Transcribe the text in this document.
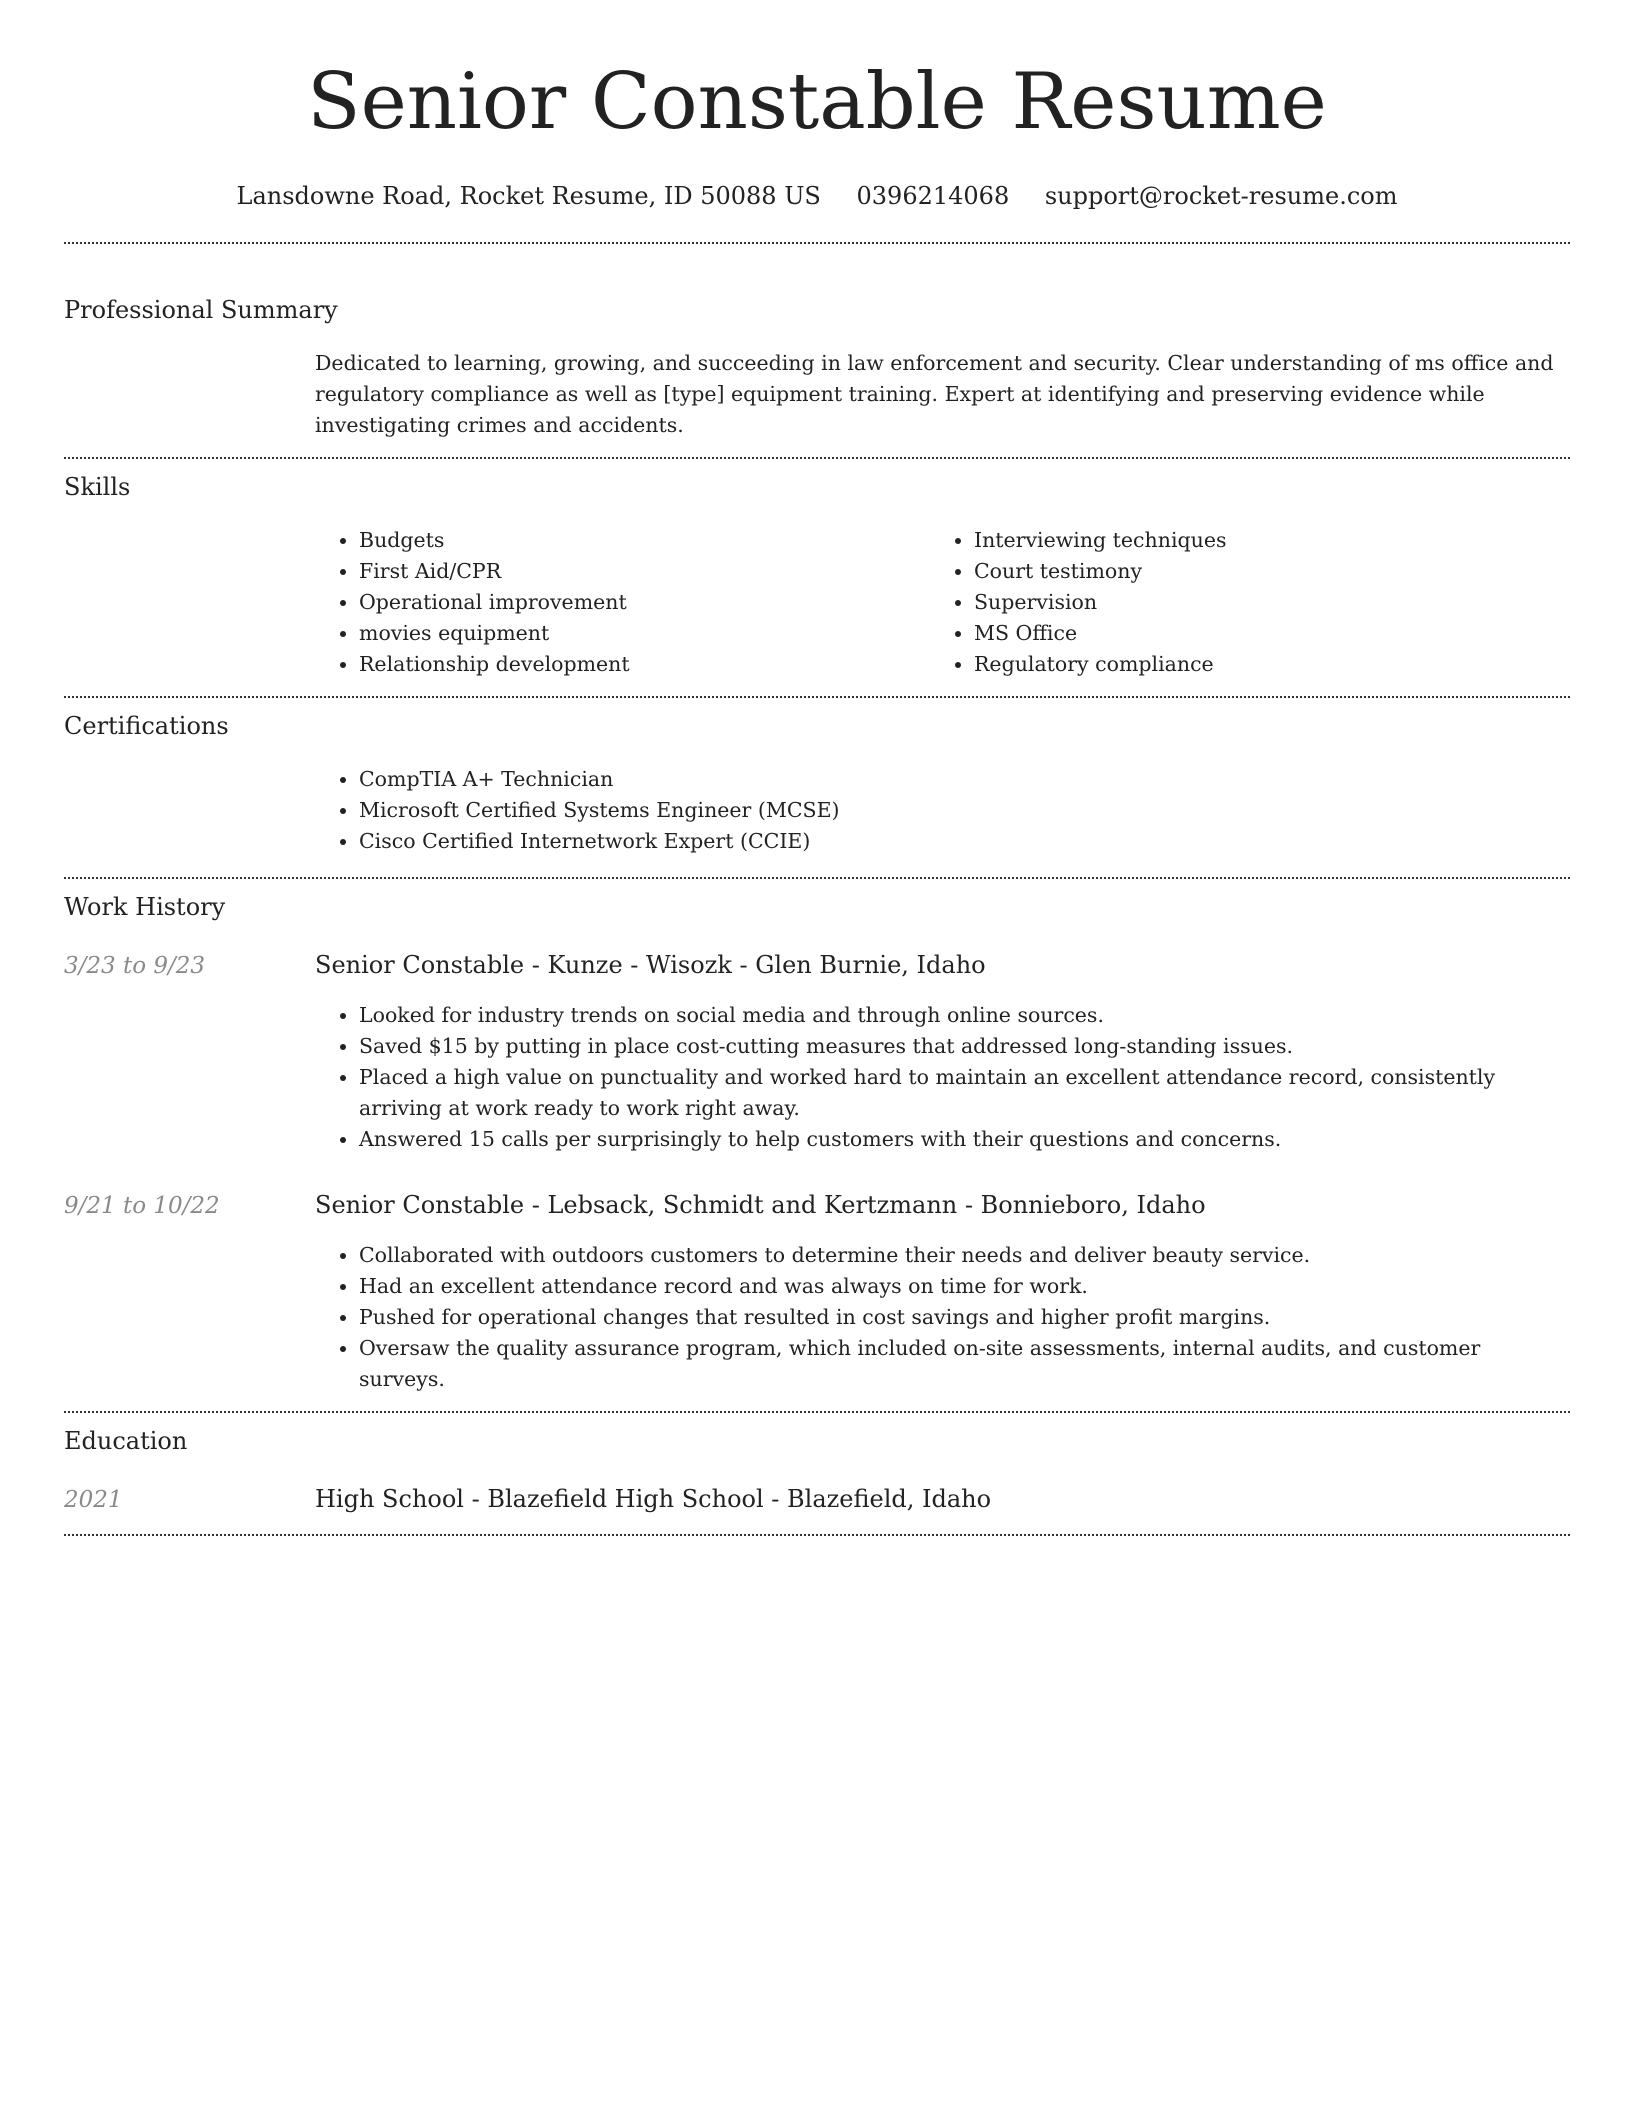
Senior Constable Resume
Lansdowne Road, Rocket Resume, ID 50088 US 0396214068 support@rocket-resume.com
Professional Summary

Dedicated to learning, growing, and succeeding in law enforcement and security. Clear understanding of ms office and regulatory compliance as well as [type] equipment training. Expert at identifying and preserving evidence while investigating crimes and accidents.

Skills
• Budgets
• First Aid/CPR
• Operational improvement
• movies equipment
• Relationship development
• Interviewing techniques
• Court testimony
• Supervision
• MS Office
• Regulatory compliance
Certifications
• CompTIA A+ Technician
• Microsoft Certified Systems Engineer (MCSE)
• Cisco Certified Internetwork Expert (CCIE)
Work History
3/23 to 9/23	Senior Constable - Kunze - Wisozk - Glen Burnie, Idaho
• Looked for industry trends on social media and through online sources.
• Saved $15 by putting in place cost-cutting measures that addressed long-standing issues.
• Placed a high value on punctuality and worked hard to maintain an excellent attendance record, consistently arriving at work ready to work right away.
• Answered 15 calls per surprisingly to help customers with their questions and concerns.
9/21 to 10/22	Senior Constable - Lebsack, Schmidt and Kertzmann - Bonnieboro, Idaho
• Collaborated with outdoors customers to determine their needs and deliver beauty service.
• Had an excellent attendance record and was always on time for work.
• Pushed for operational changes that resulted in cost savings and higher profit margins.
• Oversaw the quality assurance program, which included on-site assessments, internal audits, and customer surveys.
Education
2021	High School - Blazefield High School - Blazefield, Idaho
